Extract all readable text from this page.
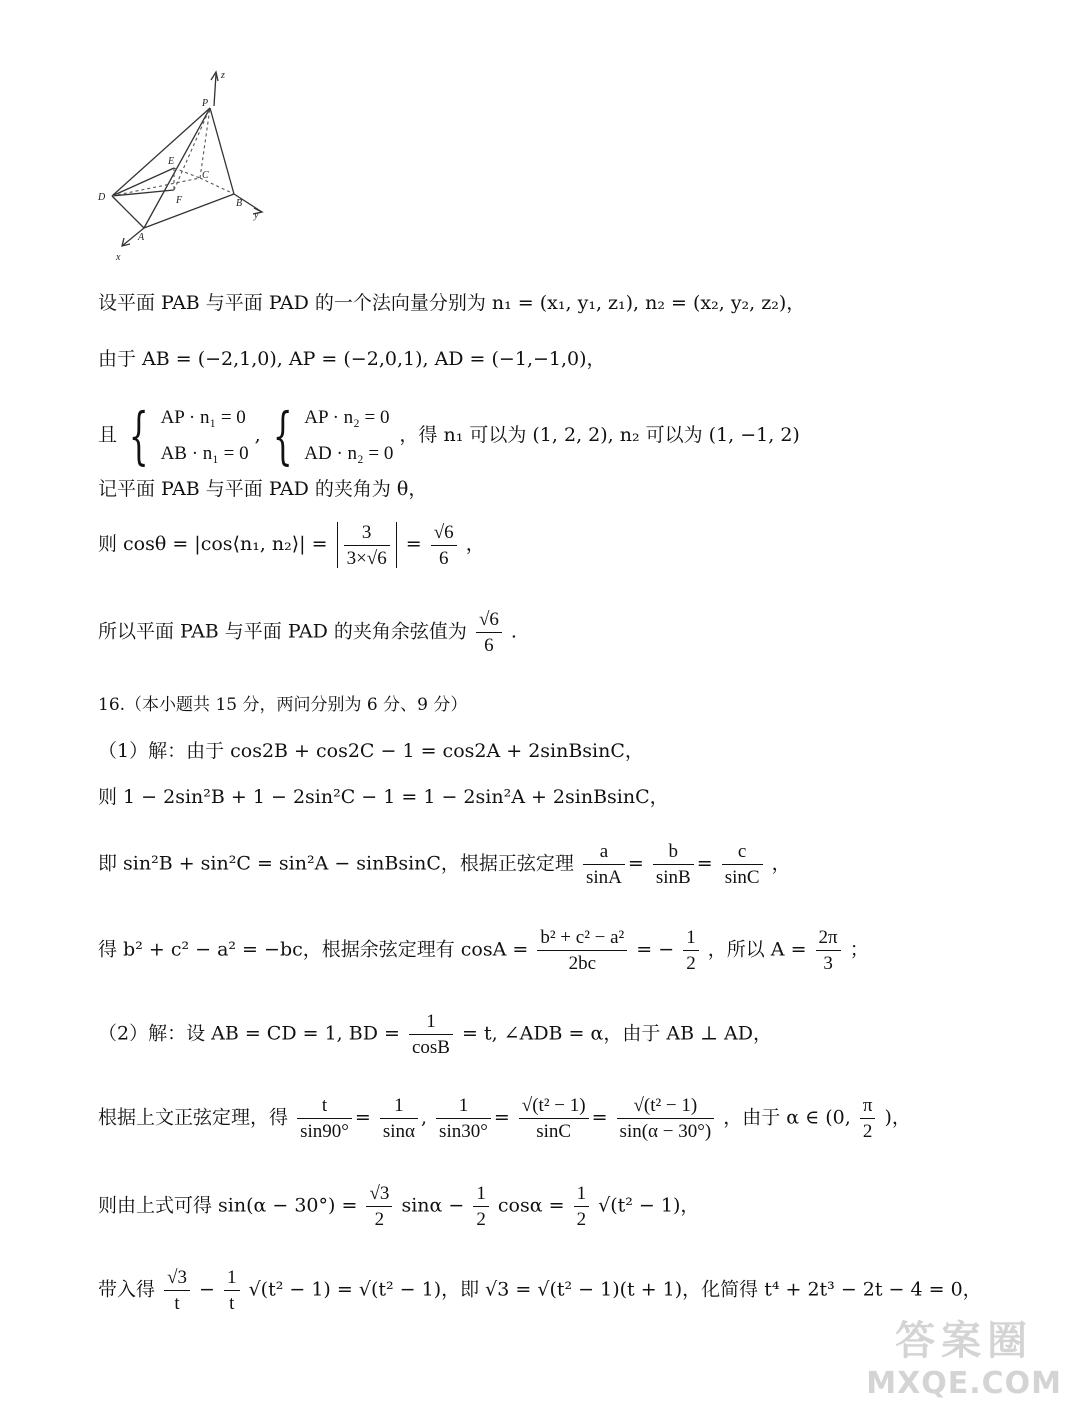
z
P
E
C
D	F	B
y
A
x
设平面 PAB 与平面 PAD 的一个法向量分别为 n₁ = (x₁, y₁, z₁), n₂ = (x₂, y₂, z₂)，
由于 AB = (−2,1,0), AP = (−2,0,1), AD = (−1,−1,0)，
且 { AP · n₁ = 0
AB · n₁ = 0
, { AP · n₂ = 0
AD · n₂ = 0
，得 n₁ 可以为 (1, 2, 2), n₂ 可以为 (1, −1, 2)
记平面 PAB 与平面 PAD 的夹角为 θ，
则 cosθ = |cos⟨n₁, n₂⟩| = $\frac{3}{3\times√6} = \frac{√6}{6}$ ，
所以平面 PAB 与平面 PAD 的夹角余弦值为 $\frac{√6}{6}$ .
16.（本小题共 15 分，两问分别为 6 分、9 分）
（1）解：由于 cos2B + cos2C − 1 = cos2A + 2sinBsinC，
则 1 − 2sin²B + 1 − 2sin²C − 1 = 1 − 2sin²A + 2sinBsinC，
即 sin²B + sin²C = sin²A − sinBsinC，根据正弦定理 $\frac{a}{\sin A} = \frac{b}{\sin B} = \frac{c}{\sin C}$ ，
得 b² + c² − a² = −bc，根据余弦定理有 $\cos A = \frac{\text{b² + c² − a²}}{2bc}$ = − $\frac{1}{2}$ ，所以 $A = \frac{2\pi}{3}$ ；
（2）解：设 AB = CD = 1, BD = $\frac{1}{\cos B} = t$, ∠ADB = α，由于 AB ⊥ AD，
根据上文正弦定理，得 $\frac{t}{\sin 90^\circ} = \frac{1}{\sin\alpha}$ , $\frac{1}{\sin 30^\circ} = \frac{\text{√(t² − 1)}}{\sin C} = \frac{\text{√(t² − 1)}}{\sin(\alpha - 30^\circ)}$ ，由于 α ∈ (0, $\frac{\pi}{2}$ )，
则由上式可得 $\sin(\alpha - 30^\circ) = \frac{√3}{2}$ $\sin\alpha - \frac{1}{2}$ $\cos\alpha = \frac{1}{2} √(t^2 - 1)$，
带入得 $\frac{√3}{t} - \frac{1}{t} √(t^2 - 1) = √(t^2 - 1)$，即 √3 = √(t² − 1)(t + 1)，化简得 t⁴ + 2t³ − 2t − 4 = 0，
答案圈
MXQE.COM
